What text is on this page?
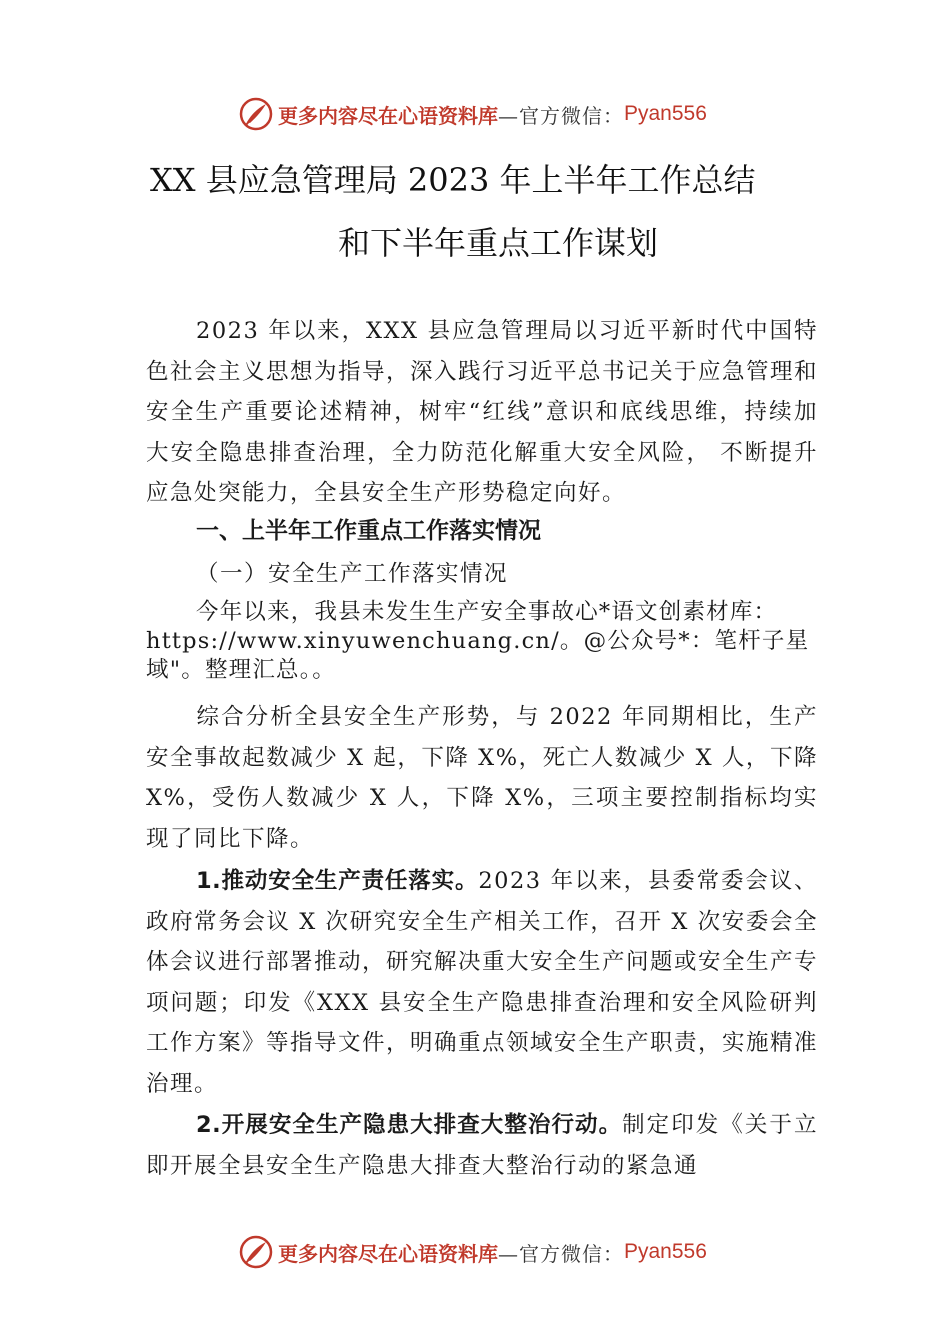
更多内容尽在心语资料库 —官方微信： Pyan556
XX 县应急管理局 2023 年上半年工作总结
和下半年重点工作谋划
2023 年以来，XXX 县应急管理局以习近平新时代中国特色社会主义思想为指导，深入践行习近平总书记关于应急管理和安全生产重要论述精神，树牢“红线”意识和底线思维，持续加大安全隐患排查治理，全力防范化解重大安全风险， 不断提升应急处突能力，全县安全生产形势稳定向好。
一、上半年工作重点工作落实情况
（一）安全生产工作落实情况
今年以来，我县未发生生产安全事故心*语文创素材库：
https://www.xinyuwenchuang.cn/。@公众号*：笔杆子星域"。整理汇总。。
综合分析全县安全生产形势，与 2022 年同期相比，生产安全事故起数减少 X 起，下降 X%，死亡人数减少 X 人，下降 X%，受伤人数减少 X 人，下降 X%，三项主要控制指标均实现了同比下降。
1.推动安全生产责任落实。2023 年以来，县委常委会议、政府常务会议 X 次研究安全生产相关工作，召开 X 次安委会全体会议进行部署推动，研究解决重大安全生产问题或安全生产专项问题；印发《XXX 县安全生产隐患排查治理和安全风险研判工作方案》等指导文件，明确重点领域安全生产职责，实施精准治理。
2.开展安全生产隐患大排查大整治行动。制定印发《关于立即开展全县安全生产隐患大排查大整治行动的紧急通
更多内容尽在心语资料库 —官方微信： Pyan556
